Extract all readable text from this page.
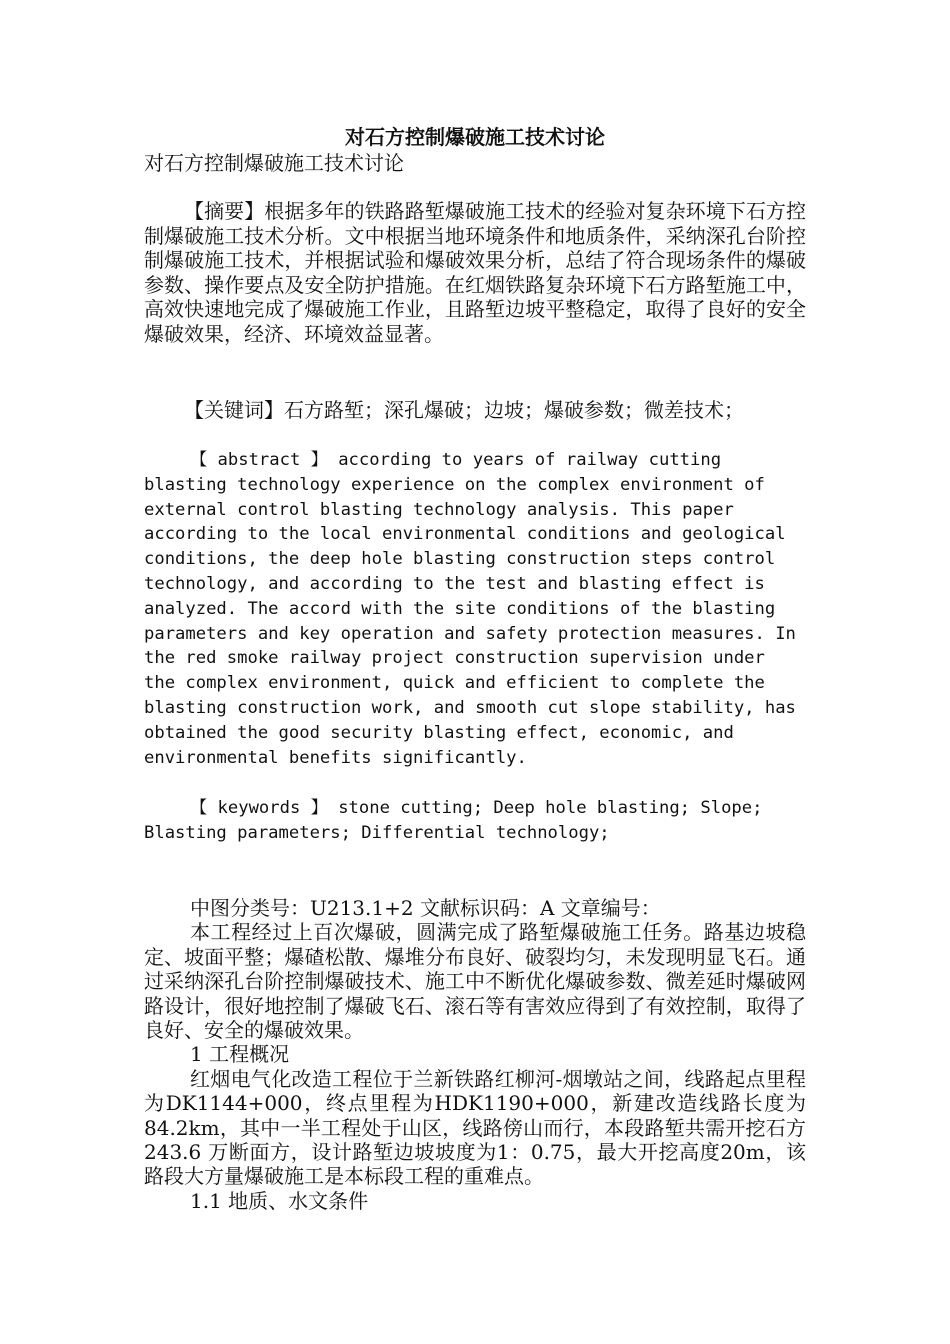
对石方控制爆破施工技术讨论
对石方控制爆破施工技术讨论
【摘要】根据多年的铁路路堑爆破施工技术的经验对复杂环境下石方控制爆破施工技术分析。文中根据当地环境条件和地质条件，采纳深孔台阶控制爆破施工技术，并根据试验和爆破效果分析，总结了符合现场条件的爆破参数、操作要点及安全防护措施。在红烟铁路复杂环境下石方路堑施工中，高效快速地完成了爆破施工作业，且路堑边坡平整稳定，取得了良好的安全爆破效果，经济、环境效益显著。
【关键词】石方路堑；深孔爆破；边坡；爆破参数；微差技术；
【 abstract 】 according to years of railway cutting blasting technology experience on the complex environment of external control blasting technology analysis. This paper according to the local environmental conditions and geological conditions, the deep hole blasting construction steps control technology, and according to the test and blasting effect is analyzed. The accord with the site conditions of the blasting parameters and key operation and safety protection measures. In the red smoke railway project construction supervision under the complex environment, quick and efficient to complete the blasting construction work, and smooth cut slope stability, has obtained the good security blasting effect, economic, and environmental benefits significantly.
【 keywords 】 stone cutting; Deep hole blasting; Slope; Blasting parameters; Differential technology;

中图分类号：U213.1+2 文献标识码：A 文章编号：

本工程经过上百次爆破，圆满完成了路堑爆破施工任务。路基边坡稳定、坡面平整；爆碴松散、爆堆分布良好、破裂均匀，未发现明显飞石。通过采纳深孔台阶控制爆破技术、施工中不断优化爆破参数、微差延时爆破网路设计，很好地控制了爆破飞石、滚石等有害效应得到了有效控制，取得了良好、安全的爆破效果。

1 工程概况

红烟电气化改造工程位于兰新铁路红柳河-烟墩站之间，线路起点里程为DK1144+000，终点里程为HDK1190+000，新建改造线路长度为84.2km，其中一半工程处于山区，线路傍山而行，本段路堑共需开挖石方243.6 万断面方，设计路堑边坡坡度为1：0.75，最大开挖高度20m，该路段大方量爆破施工是本标段工程的重难点。

1.1 地质、水文条件
